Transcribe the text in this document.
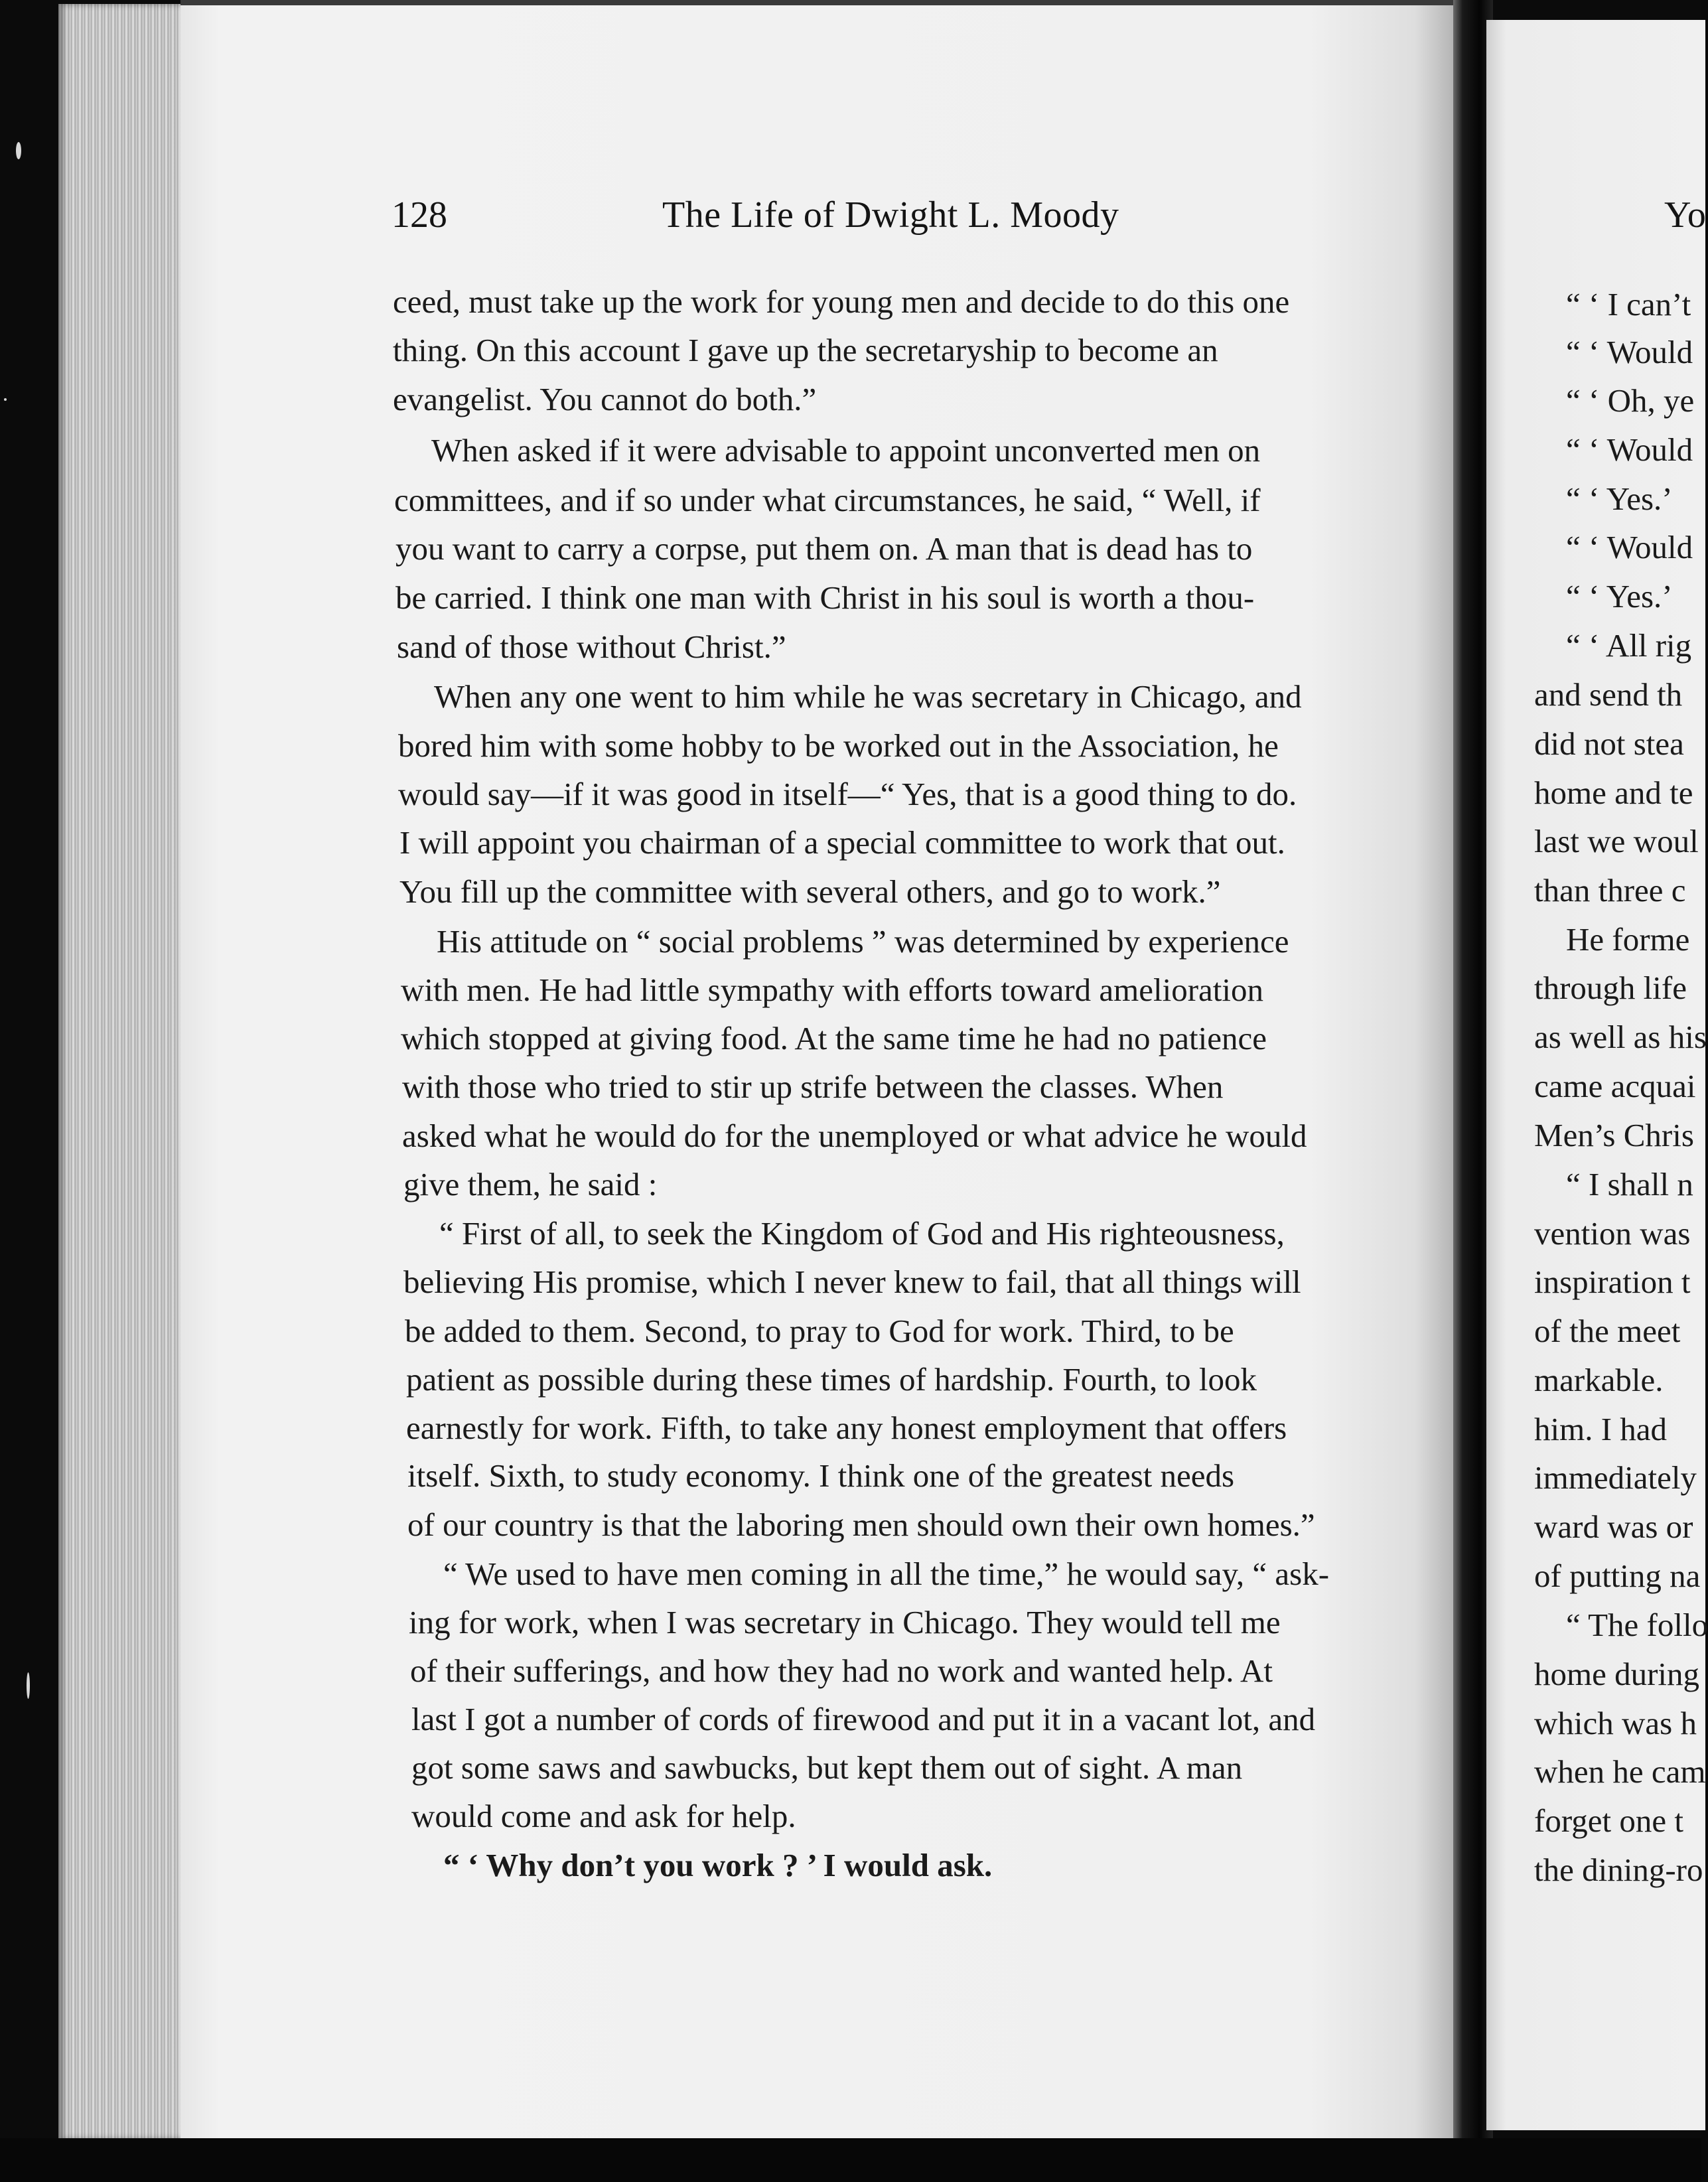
128	The Life of Dwight L. Moody
ceed, must take up the work for young men and decide to do this one
thing. On this account I gave up the secretaryship to become an
evangelist. You cannot do both.”
When asked if it were advisable to appoint unconverted men on
committees, and if so under what circumstances, he said, “ Well, if
you want to carry a corpse, put them on. A man that is dead has to
be carried. I think one man with Christ in his soul is worth a thou-
sand of those without Christ.”
When any one went to him while he was secretary in Chicago, and
bored him with some hobby to be worked out in the Association, he
would say—if it was good in itself—“ Yes, that is a good thing to do.
I will appoint you chairman of a special committee to work that out.
You fill up the committee with several others, and go to work.”
His attitude on “ social problems ” was determined by experience
with men. He had little sympathy with efforts toward amelioration
which stopped at giving food. At the same time he had no patience
with those who tried to stir up strife between the classes. When
asked what he would do for the unemployed or what advice he would
give them, he said :
“ First of all, to seek the Kingdom of God and His righteousness,
believing His promise, which I never knew to fail, that all things will
be added to them. Second, to pray to God for work. Third, to be
patient as possible during these times of hardship. Fourth, to look
earnestly for work. Fifth, to take any honest employment that offers
itself. Sixth, to study economy. I think one of the greatest needs
of our country is that the laboring men should own their own homes.”
“ We used to have men coming in all the time,” he would say, “ ask-
ing for work, when I was secretary in Chicago. They would tell me
of their sufferings, and how they had no work and wanted help. At
last I got a number of cords of firewood and put it in a vacant lot, and
got some saws and sawbucks, but kept them out of sight. A man
would come and ask for help.
“ ‘ Why don’t you work ? ’ I would ask.
Yo
“ ‘ I can’t
“ ‘ Would
“ ‘ Oh, ye
“ ‘ Would
“ ‘ Yes.’
“ ‘ Would
“ ‘ Yes.’
“ ‘ All rig
and send th
did not stea
home and te
last we woul
than three c
He forme
through life
as well as his
came acquai
Men’s Chris
“ I shall n
vention was
inspiration t
of the meet
markable.
him. I had
immediately
ward was or
of putting na
“ The follo
home during
which was h
when he cam
forget one t
the dining-ro
